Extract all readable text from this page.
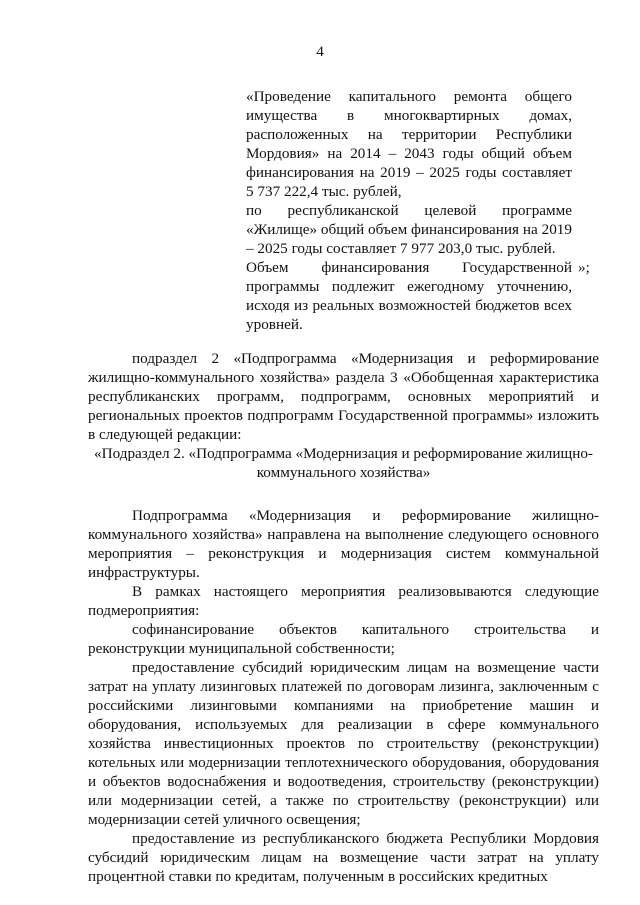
4

«Проведение капитального ремонта общего имущества в многоквартирных домах, расположенных на территории Республики Мордовия» на 2014 – 2043 годы общий объем финансирования на 2019 – 2025 годы составляет 5 737 222,4 тыс. рублей,

по республиканской целевой программе «Жилище» общий объем финансирования на 2019 – 2025 годы составляет 7 977 203,0 тыс. рублей.

Объем финансирования Государственной программы подлежит ежегодному уточнению, исходя из реальных возможностей бюджетов всех уровней.
»;

подраздел 2 «Подпрограмма «Модернизация и реформирование жилищно-коммунального хозяйства» раздела 3 «Обобщенная характеристика республиканских программ, подпрограмм, основных мероприятий и региональных проектов подпрограмм Государственной программы» изложить в следующей редакции:

«Подраздел 2. «Подпрограмма «Модернизация и реформирование жилищно-коммунального хозяйства»

Подпрограмма «Модернизация и реформирование жилищно-коммунального хозяйства» направлена на выполнение следующего основного мероприятия – реконструкция и модернизация систем коммунальной инфраструктуры.

В рамках настоящего мероприятия реализовываются следующие подмероприятия:

софинансирование объектов капитального строительства и реконструкции муниципальной собственности;

предоставление субсидий юридическим лицам на возмещение части затрат на уплату лизинговых платежей по договорам лизинга, заключенным с российскими лизинговыми компаниями на приобретение машин и оборудования, используемых для реализации в сфере коммунального хозяйства инвестиционных проектов по строительству (реконструкции) котельных или модернизации теплотехнического оборудования, оборудования и объектов водоснабжения и водоотведения, строительству (реконструкции) или модернизации сетей, а также по строительству (реконструкции) или модернизации сетей уличного освещения;

предоставление из республиканского бюджета Республики Мордовия субсидий юридическим лицам на возмещение части затрат на уплату процентной ставки по кредитам, полученным в российских кредитных
